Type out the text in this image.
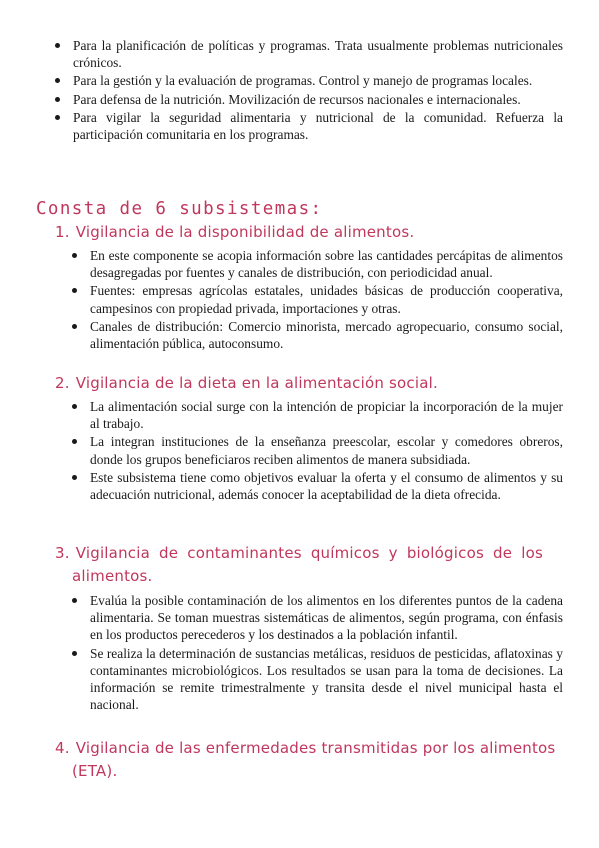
Para la planificación de políticas y programas. Trata usualmente problemas nutricionales crónicos.
Para la gestión y la evaluación de programas. Control y manejo de programas locales.
Para defensa de la nutrición. Movilización de recursos nacionales e internacionales.
Para vigilar la seguridad alimentaria y nutricional de la comunidad. Refuerza la participación comunitaria en los programas.
Consta de 6 subsistemas:
1. Vigilancia de la disponibilidad de alimentos.
En este componente se acopia información sobre las cantidades percápitas de alimentos desagregadas por fuentes y canales de distribución, con periodicidad anual.
Fuentes: empresas agrícolas estatales, unidades básicas de producción cooperativa, campesinos con propiedad privada, importaciones y otras.
Canales de distribución: Comercio minorista, mercado agropecuario, consumo social, alimentación pública, autoconsumo.
2. Vigilancia de la dieta en la alimentación social.
La alimentación social surge con la intención de propiciar la incorporación de la mujer al trabajo.
La integran instituciones de la enseñanza preescolar, escolar y comedores obreros, donde los grupos beneficiaros reciben alimentos de manera subsidiada.
Este subsistema tiene como objetivos evaluar la oferta y el consumo de alimentos y su adecuación nutricional, además conocer la aceptabilidad de la dieta ofrecida.
3. Vigilancia de contaminantes químicos y biológicos de los
alimentos.
Evalúa la posible contaminación de los alimentos en los diferentes puntos de la cadena alimentaria. Se toman muestras sistemáticas de alimentos, según programa, con énfasis en los productos perecederos y los destinados a la población infantil.
Se realiza la determinación de sustancias metálicas, residuos de pesticidas, aflatoxinas y contaminantes microbiológicos. Los resultados se usan para la toma de decisiones. La información se remite trimestralmente y transita desde el nivel municipal hasta el nacional.
4. Vigilancia de las enfermedades transmitidas por los alimentos
(ETA).
